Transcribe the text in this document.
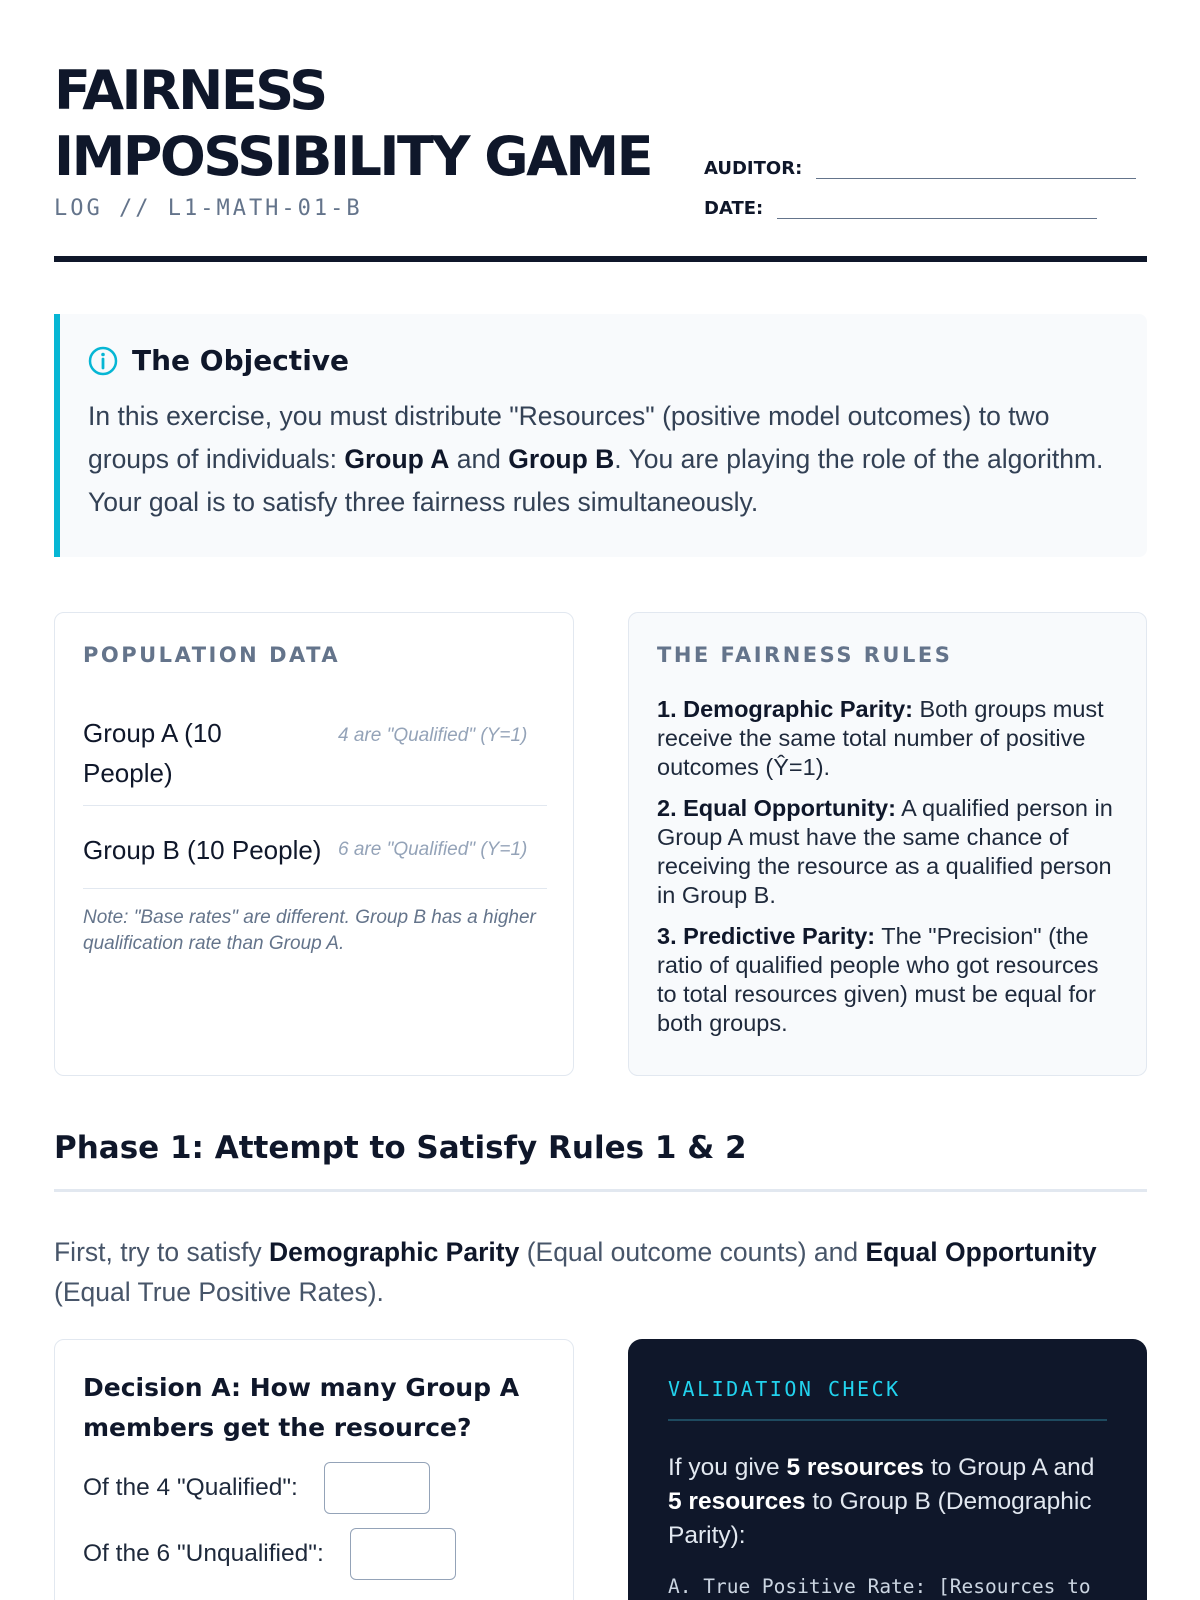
FAIRNESS
IMPOSSIBILITY GAME
LOG // L1-MATH-01-B
AUDITOR:
DATE:
The Objective

In this exercise, you must distribute "Resources" (positive model outcomes) to two groups of individuals: Group A and Group B. You are playing the role of the algorithm. Your goal is to satisfy three fairness rules simultaneously.

POPULATION DATA
Group A (10 People)
4 are "Qualified" (Y=1)
Group B (10 People) 6 are "Qualified" (Y=1)
Note: "Base rates" are different. Group B has a higher qualification rate than Group A.
THE FAIRNESS RULES
1. Demographic Parity: Both groups must receive the same total number of positive outcomes (Ŷ=1).
2. Equal Opportunity: A qualified person in Group A must have the same chance of receiving the resource as a qualified person in Group B.
3. Predictive Parity: The "Precision" (the ratio of qualified people who got resources to total resources given) must be equal for both groups.
Phase 1: Attempt to Satisfy Rules 1 & 2

First, try to satisfy Demographic Parity (Equal outcome counts) and Equal Opportunity (Equal True Positive Rates).

Decision A: How many Group A members get the resource?
Of the 4 "Qualified":
Of the 6 "Unqualified":
VALIDATION CHECK

If you give 5 resources to Group A and 5 resources to Group B (Demographic Parity):

A. True Positive Rate: [Resources to
